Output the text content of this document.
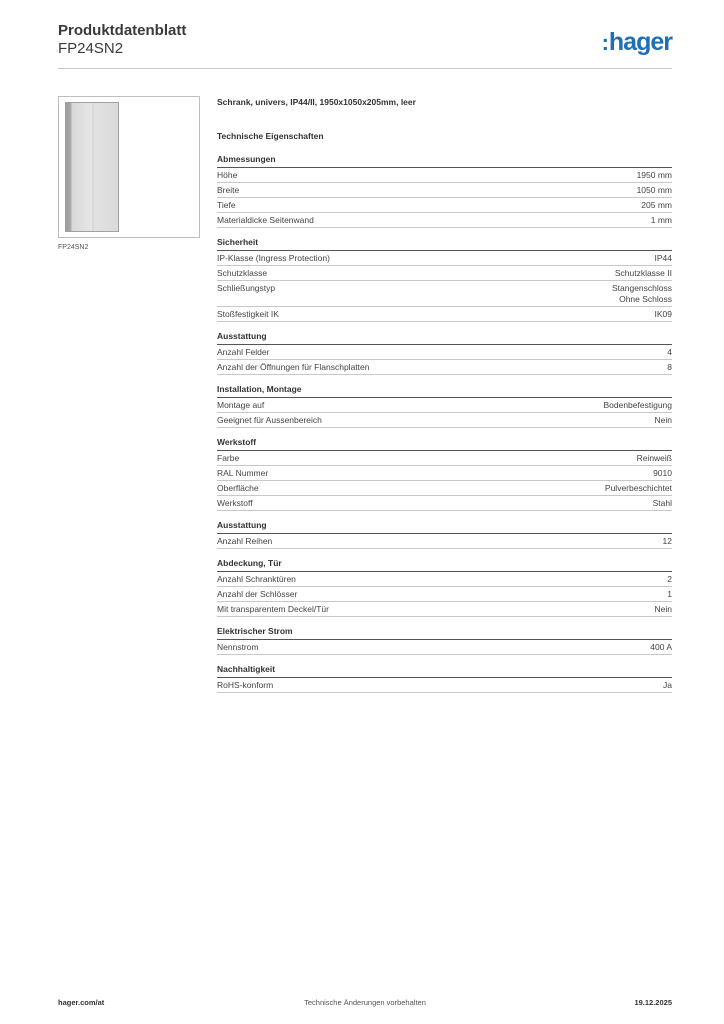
Produktdatenblatt
FP24SN2	:hager
FP24SN2
Schrank, univers, IP44/II, 1950x1050x205mm, leer
Technische Eigenschaften
Abmessungen
Höhe	1950 mm
Breite	1050 mm
Tiefe	205 mm
Materialdicke Seitenwand	1 mm
Sicherheit
IP-Klasse (Ingress Protection)	IP44
Schutzklasse	Schutzklasse II
Schließungstyp	Stangenschloss
Ohne Schloss
Stoßfestigkeit IK	IK09
Ausstattung
Anzahl Felder	4
Anzahl der Öffnungen für Flanschplatten	8
Installation, Montage
Montage auf	Bodenbefestigung
Geeignet für Aussenbereich	Nein
Werkstoff
Farbe	Reinweiß
RAL Nummer	9010
Oberfläche	Pulverbeschichtet
Werkstoff	Stahl
Ausstattung
Anzahl Reihen	12
Abdeckung, Tür
Anzahl Schranktüren	2
Anzahl der Schlösser	1
Mit transparentem Deckel/Tür	Nein
Elektrischer Strom
Nennstrom	400 A
Nachhaltigkeit
RoHS-konform	Ja
hager.com/at	Technische Änderungen vorbehalten	19.12.2025
